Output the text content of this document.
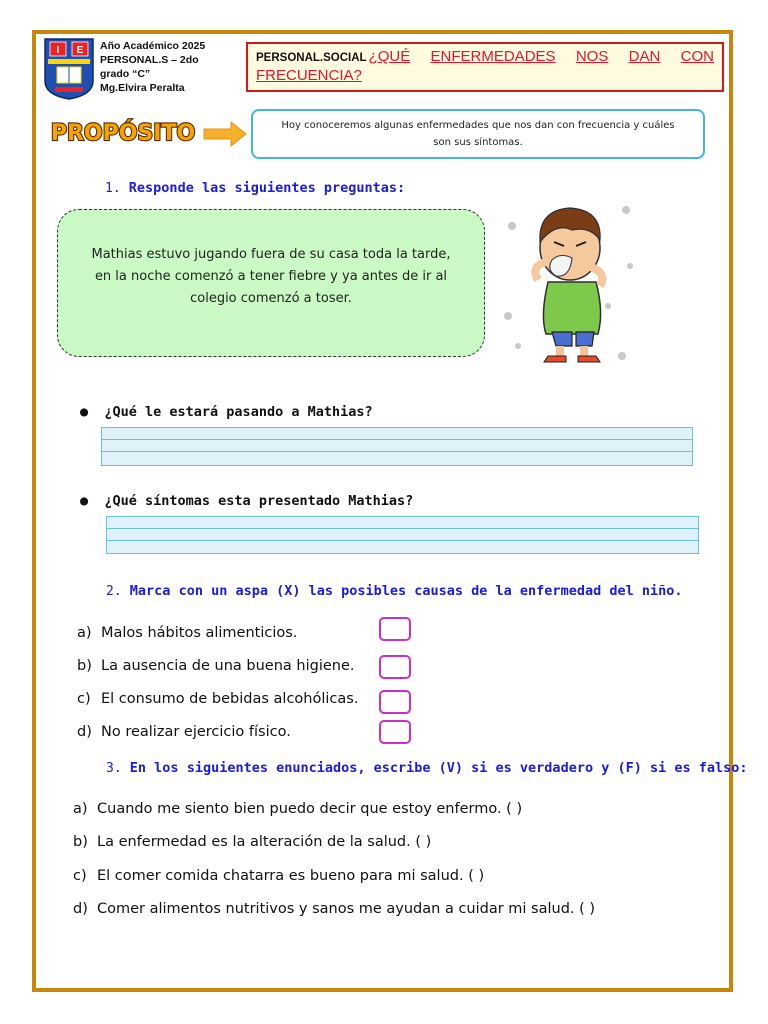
I E Año Académico 2025
PERSONAL.S – 2do
grado “C”
Mg.Elvira Peralta
PERSONAL.SOCIAL ¿QUÉ ENFERMEDADES NOS DAN CON
FRECUENCIA?
PROPÓSITO	Hoy conoceremos algunas enfermedades que nos dan con frecuencia y cuáles
son sus síntomas.
1. Responde las siguientes preguntas:
Mathias estuvo jugando fuera de su casa toda la tarde,
en la noche comenzó a tener fiebre y ya antes de ir al
colegio comenzó a toser.
●  ¿Qué le estará pasando a Mathias?
●  ¿Qué síntomas esta presentado Mathias?
2. Marca con un aspa (X) las posibles causas de la enfermedad del niño.
a) Malos hábitos alimenticios.
b) La ausencia de una buena higiene.
c) El consumo de bebidas alcohólicas.
d) No realizar ejercicio físico.
3. En los siguientes enunciados, escribe (V) si es verdadero y (F) si es falso:
a) Cuando me siento bien puedo decir que estoy enfermo. ( )
b) La enfermedad es la alteración de la salud. ( )
c) El comer comida chatarra es bueno para mi salud. ( )
d) Comer alimentos nutritivos y sanos me ayudan a cuidar mi salud. ( )
